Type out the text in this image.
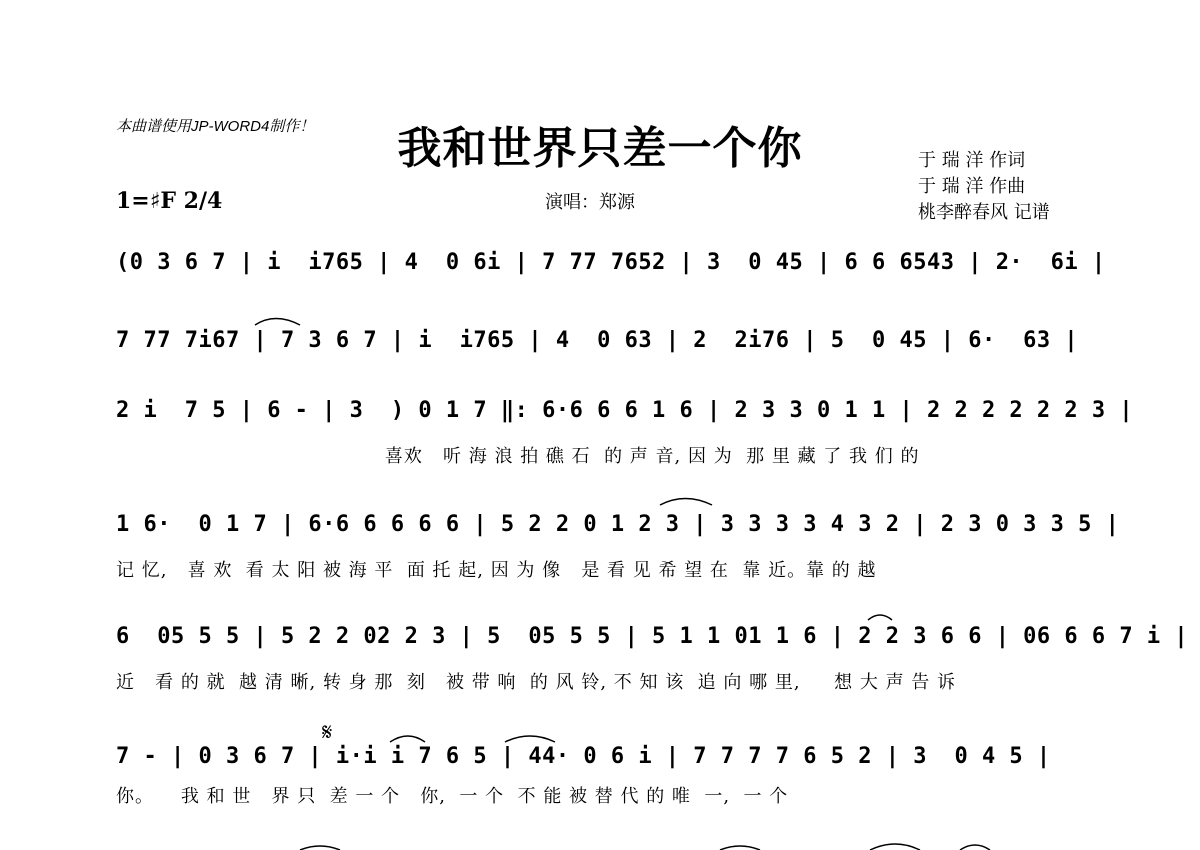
本曲谱使用JP-WORD4制作！	我和世界只差一个你
1=♯F 2/4	演唱：郑源
于 瑞 洋 作词
于 瑞 洋 作曲
桃李醉春风 记谱
(0 3 6 7 | i  i765 | 4  0 6i | 7 77 7652 | 3  0 45 | 6 6 6543 | 2·  6i |
7 77 7i67 | 7 3 6 7 | i  i765 | 4  0 63 | 2  2i76 | 5  0 45 | 6·  63 |
2 i  7 5 | 6 - | 3  ) 0 1 7 ‖: 6·6 6 6 1 6 | 2 3 3 0 1 1 | 2 2 2 2 2 2 3 |
喜欢   听 海 浪 拍 礁 石  的 声 音, 因 为  那 里 藏 了 我 们 的
1 6·  0 1 7 | 6·6 6 6 6 6 | 5 2 2 0 1 2 3 | 3 3 3 3 4 3 2 | 2 3 0 3 3 5 |
记 忆,   喜 欢  看 太 阳 被 海 平  面 托 起, 因 为 像   是 看 见 希 望 在  靠 近。靠 的 越
6  05 5 5 | 5 2 2 02 2 3 | 5  05 5 5 | 5 1 1 01 1 6 | 2 2 3 6 6 | 06 6 6 7 i |
近   看 的 就  越 清 晰, 转 身 那  刻   被 带 响  的 风 铃, 不 知 该  追 向 哪 里,     想 大 声 告 诉
𝄋
7 - | 0 3 6 7 | i·i i 7 6 5 | 44· 0 6 i | 7 7 7 7 6 5 2 | 3  0 4 5 |
你。    我 和 世   界 只  差 一 个   你,  一 个  不 能 被 替 代 的 唯  一,  一 个
